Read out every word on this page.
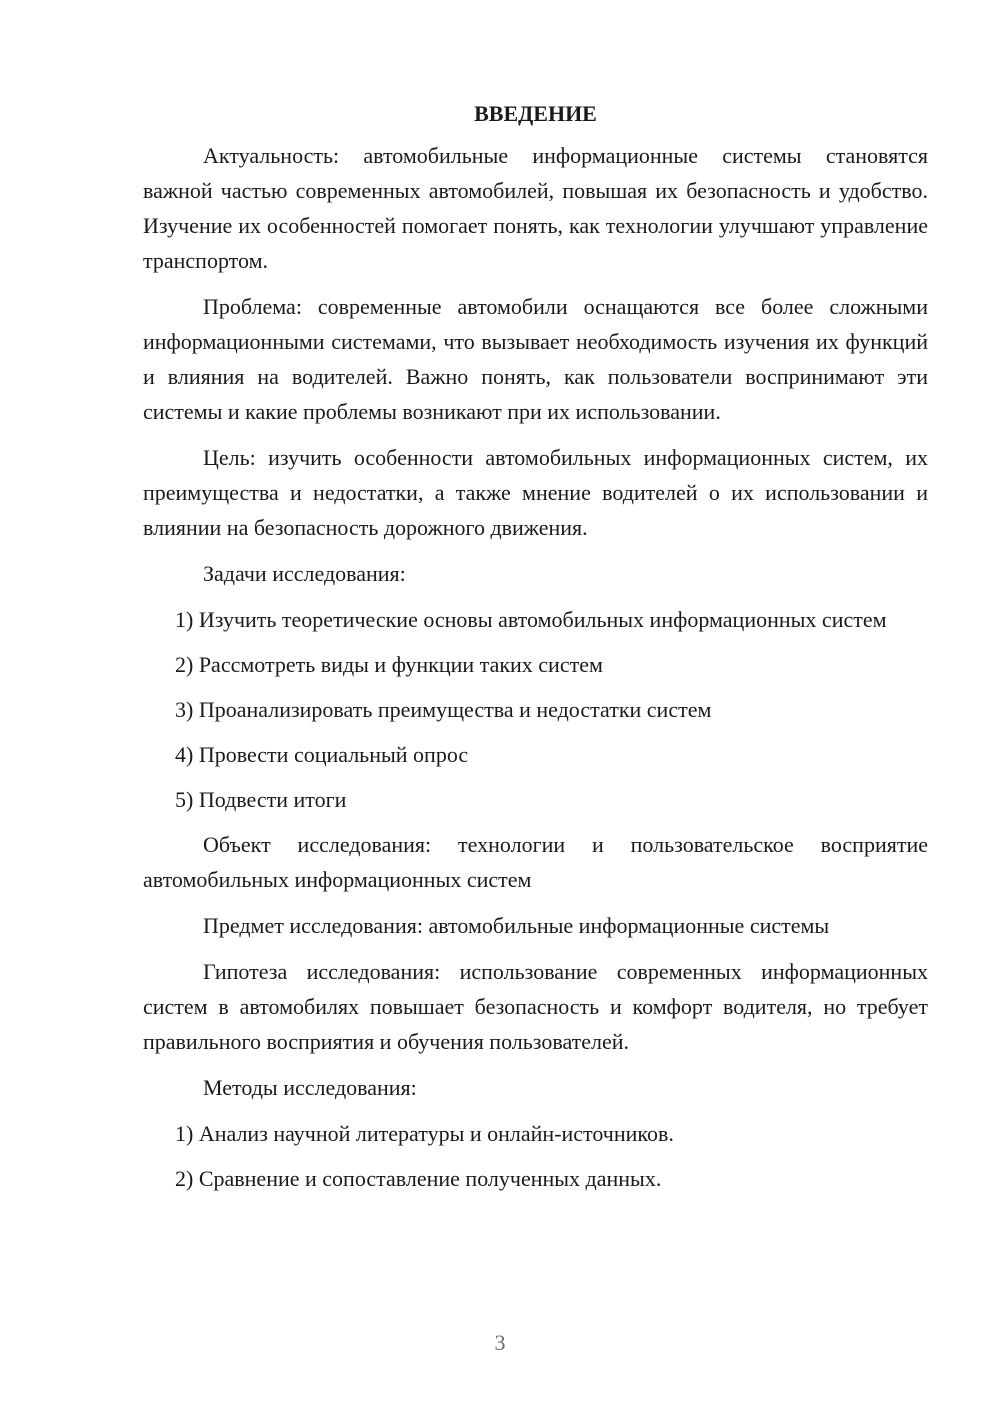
ВВЕДЕНИЕ
Актуальность: автомобильные информационные системы становятся важной частью современных автомобилей, повышая их безопасность и удобство. Изучение их особенностей помогает понять, как технологии улучшают управление транспортом.
Проблема: современные автомобили оснащаются все более сложными информационными системами, что вызывает необходимость изучения их функций и влияния на водителей. Важно понять, как пользователи воспринимают эти системы и какие проблемы возникают при их использовании.
Цель: изучить особенности автомобильных информационных систем, их преимущества и недостатки, а также мнение водителей о их использовании и влиянии на безопасность дорожного движения.
Задачи исследования:
1) Изучить теоретические основы автомобильных информационных систем
2) Рассмотреть виды и функции таких систем
3) Проанализировать преимущества и недостатки систем
4) Провести социальный опрос
5) Подвести итоги
Объект исследования: технологии и пользовательское восприятие автомобильных информационных систем
Предмет исследования: автомобильные информационные системы
Гипотеза исследования: использование современных информационных систем в автомобилях повышает безопасность и комфорт водителя, но требует правильного восприятия и обучения пользователей.
Методы исследования:
1) Анализ научной литературы и онлайн-источников.
2) Сравнение и сопоставление полученных данных.
3
